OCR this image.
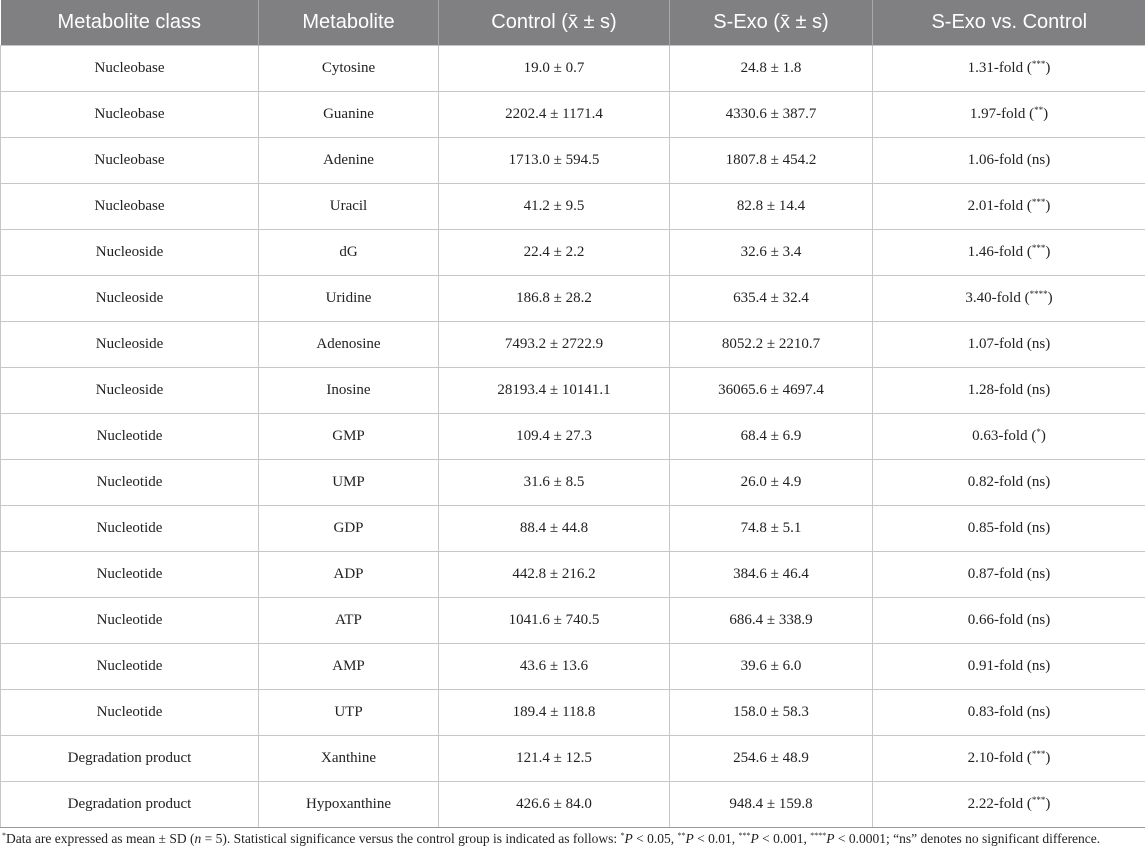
Metabolite class	Metabolite	Control (x̄ ± s)	S-Exo (x̄ ± s)	S-Exo vs. Control
Nucleobase	Cytosine	19.0 ± 0.7	24.8 ± 1.8	1.31-fold (***)
Nucleobase	Guanine	2202.4 ± 1171.4	4330.6 ± 387.7	1.97-fold (**)
Nucleobase	Adenine	1713.0 ± 594.5	1807.8 ± 454.2	1.06-fold (ns)
Nucleobase	Uracil	41.2 ± 9.5	82.8 ± 14.4	2.01-fold (***)
Nucleoside	dG	22.4 ± 2.2	32.6 ± 3.4	1.46-fold (***)
Nucleoside	Uridine	186.8 ± 28.2	635.4 ± 32.4	3.40-fold (****)
Nucleoside	Adenosine	7493.2 ± 2722.9	8052.2 ± 2210.7	1.07-fold (ns)
Nucleoside	Inosine	28193.4 ± 10141.1	36065.6 ± 4697.4	1.28-fold (ns)
Nucleotide	GMP	109.4 ± 27.3	68.4 ± 6.9	0.63-fold (*)
Nucleotide	UMP	31.6 ± 8.5	26.0 ± 4.9	0.82-fold (ns)
Nucleotide	GDP	88.4 ± 44.8	74.8 ± 5.1	0.85-fold (ns)
Nucleotide	ADP	442.8 ± 216.2	384.6 ± 46.4	0.87-fold (ns)
Nucleotide	ATP	1041.6 ± 740.5	686.4 ± 338.9	0.66-fold (ns)
Nucleotide	AMP	43.6 ± 13.6	39.6 ± 6.0	0.91-fold (ns)
Nucleotide	UTP	189.4 ± 118.8	158.0 ± 58.3	0.83-fold (ns)
Degradation product	Xanthine	121.4 ± 12.5	254.6 ± 48.9	2.10-fold (***)
Degradation product	Hypoxanthine	426.6 ± 84.0	948.4 ± 159.8	2.22-fold (***)
*Data are expressed as mean ± SD (n = 5). Statistical significance versus the control group is indicated as follows: *P < 0.05, **P < 0.01, ***P < 0.001, ****P < 0.0001; “ns” denotes no significant difference.
